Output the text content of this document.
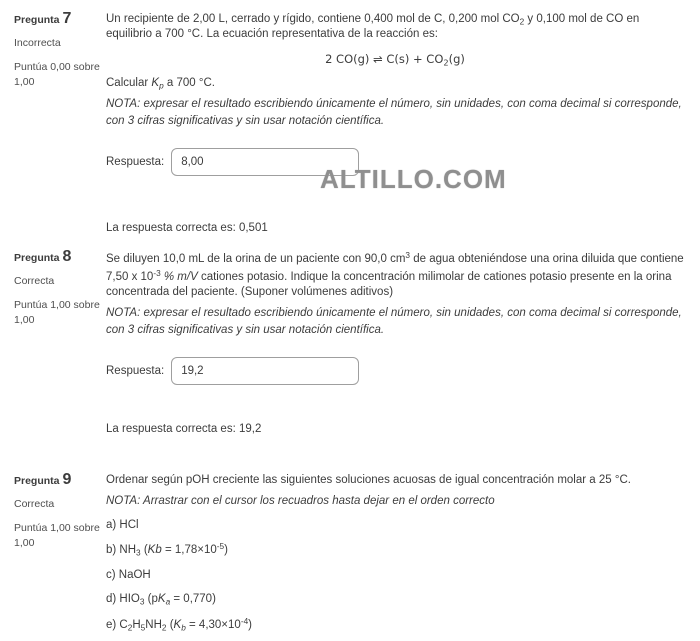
Pregunta 7
Incorrecta
Puntúa 0,00 sobre 1,00

Un recipiente de 2,00 L, cerrado y rígido, contiene 0,400 mol de C, 0,200 mol $CO_2$ y 0,100 mol de CO en equilibrio a 700 °C. La ecuación representativa de la reacción es:

2 CO(g) ⇌ $C(s) + CO_2(g)$

Calcular $K_p$ a 700 °C.

NOTA: expresar el resultado escribiendo únicamente el número, sin unidades, con coma decimal si corresponde, con 3 cifras significativas y sin usar notación científica.

Respuesta:
8,00

La respuesta correcta es: 0,501

ALTILLO.COM
Pregunta 8
Correcta
Puntúa 1,00 sobre 1,00

Se diluyen 10,0 mL de la orina de un paciente con 90,0 $cm^3$ de agua obteniéndose una orina diluida que contiene 7,50 x $10^{-3}$ % m/V cationes potasio. Indique la concentración milimolar de cationes potasio presente en la orina concentrada del paciente. (Suponer volúmenes aditivos)

NOTA: expresar el resultado escribiendo únicamente el número, sin unidades, con coma decimal si corresponde, con 3 cifras significativas y sin usar notación científica.

Respuesta:
19,2

La respuesta correcta es: 19,2

Pregunta 9
Correcta
Puntúa 1,00 sobre 1,00

Ordenar según pOH creciente las siguientes soluciones acuosas de igual concentración molar a 25 °C.

NOTA: Arrastrar con el cursor los recuadros hasta dejar en el orden correcto

a) HCl
b) $NH_3$ $(Kb = 1,78\times 10^{-5})$
c) NaOH
d) $HIO_3$ $(pK_a = 0,770)$
e) $C_2H_5NH_2$ $(K_b = 4,30\times 10^{-4})$
